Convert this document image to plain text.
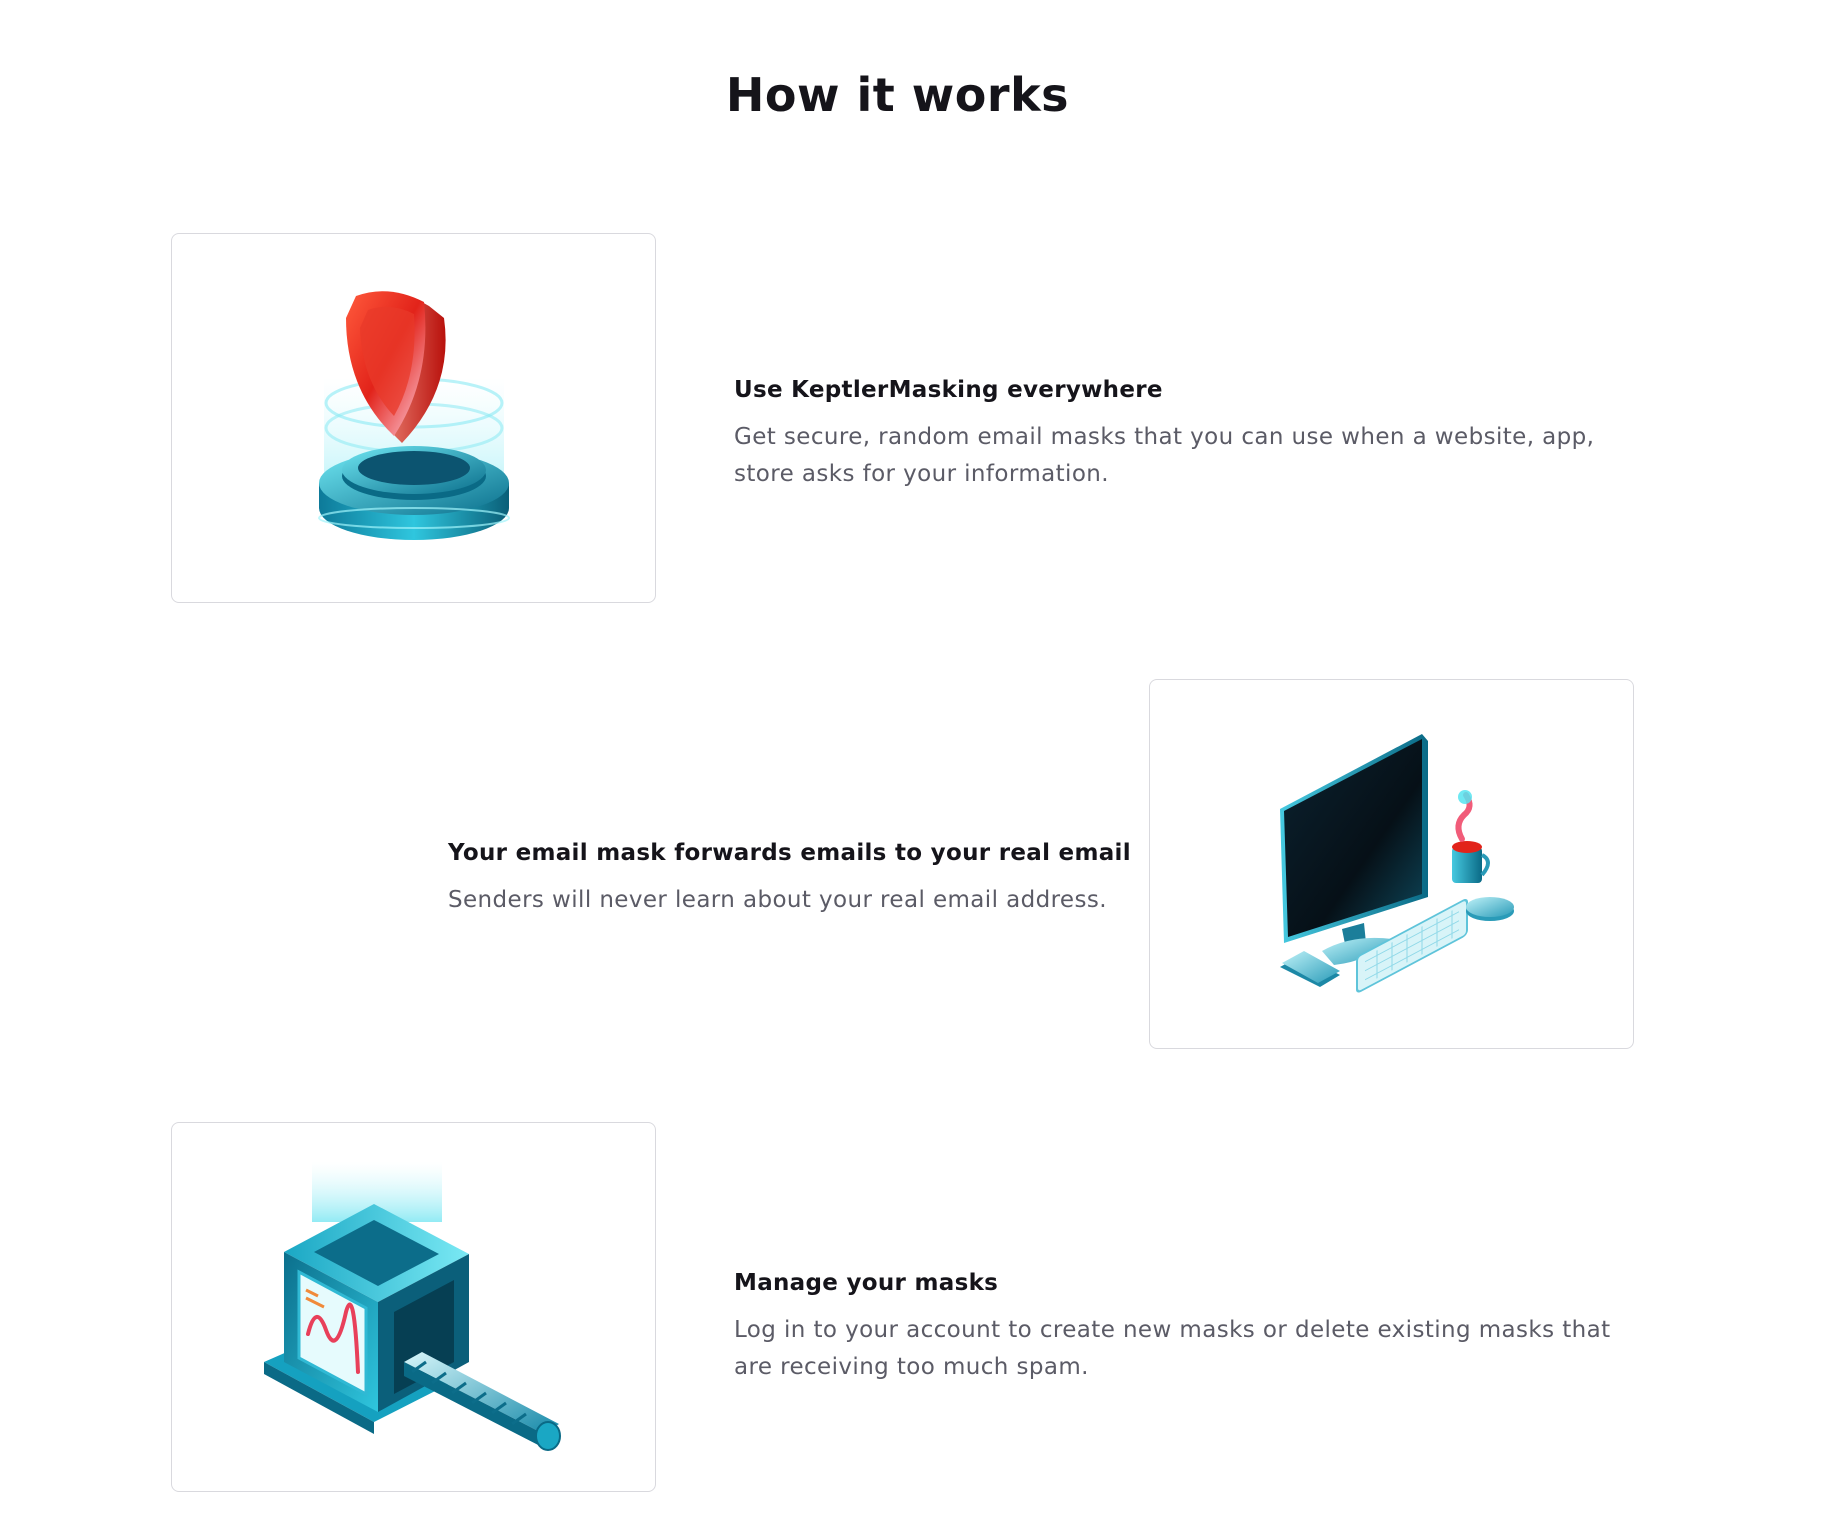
How it works
Use KeptlerMasking everywhere
Get secure, random email masks that you can use when a website, app, store asks for your information.
Your email mask forwards emails to your real email
Senders will never learn about your real email address.
Manage your masks
Log in to your account to create new masks or delete existing masks that are receiving too much spam.
